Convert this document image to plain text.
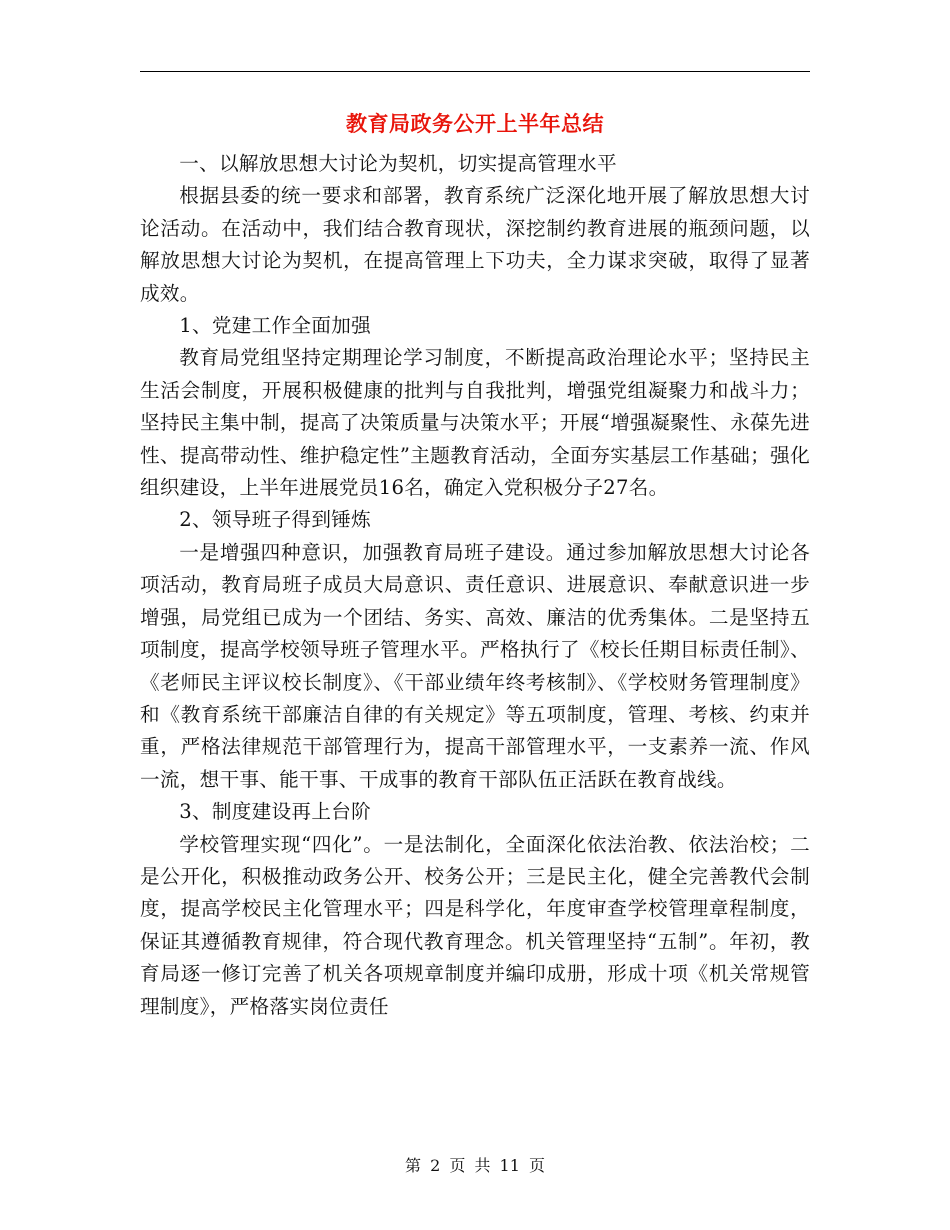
教育局政务公开上半年总结

一、以解放思想大讨论为契机，切实提高管理水平

根据县委的统一要求和部署，教育系统广泛深化地开展了解放思想大讨论活动。在活动中，我们结合教育现状，深挖制约教育进展的瓶颈问题，以解放思想大讨论为契机，在提高管理上下功夫，全力谋求突破，取得了显著成效。

1、党建工作全面加强

教育局党组坚持定期理论学习制度，不断提高政治理论水平；坚持民主生活会制度，开展积极健康的批判与自我批判，增强党组凝聚力和战斗力；坚持民主集中制，提高了决策质量与决策水平；开展“增强凝聚性、永葆先进性、提高带动性、维护稳定性”主题教育活动，全面夯实基层工作基础；强化组织建设，上半年进展党员16名，确定入党积极分子27名。

2、领导班子得到锤炼

一是增强四种意识，加强教育局班子建设。通过参加解放思想大讨论各项活动，教育局班子成员大局意识、责任意识、进展意识、奉献意识进一步增强，局党组已成为一个团结、务实、高效、廉洁的优秀集体。二是坚持五项制度，提高学校领导班子管理水平。严格执行了《校长任期目标责任制》、《老师民主评议校长制度》、《干部业绩年终考核制》、《学校财务管理制度》和《教育系统干部廉洁自律的有关规定》等五项制度，管理、考核、约束并重，严格法律规范干部管理行为，提高干部管理水平，一支素养一流、作风一流，想干事、能干事、干成事的教育干部队伍正活跃在教育战线。

3、制度建设再上台阶

学校管理实现“四化”。一是法制化，全面深化依法治教、依法治校；二是公开化，积极推动政务公开、校务公开；三是民主化，健全完善教代会制度，提高学校民主化管理水平；四是科学化，年度审查学校管理章程制度，保证其遵循教育规律，符合现代教育理念。机关管理坚持“五制”。年初，教育局逐一修订完善了机关各项规章制度并编印成册，形成十项《机关常规管理制度》，严格落实岗位责任

第 2 页 共 11 页
